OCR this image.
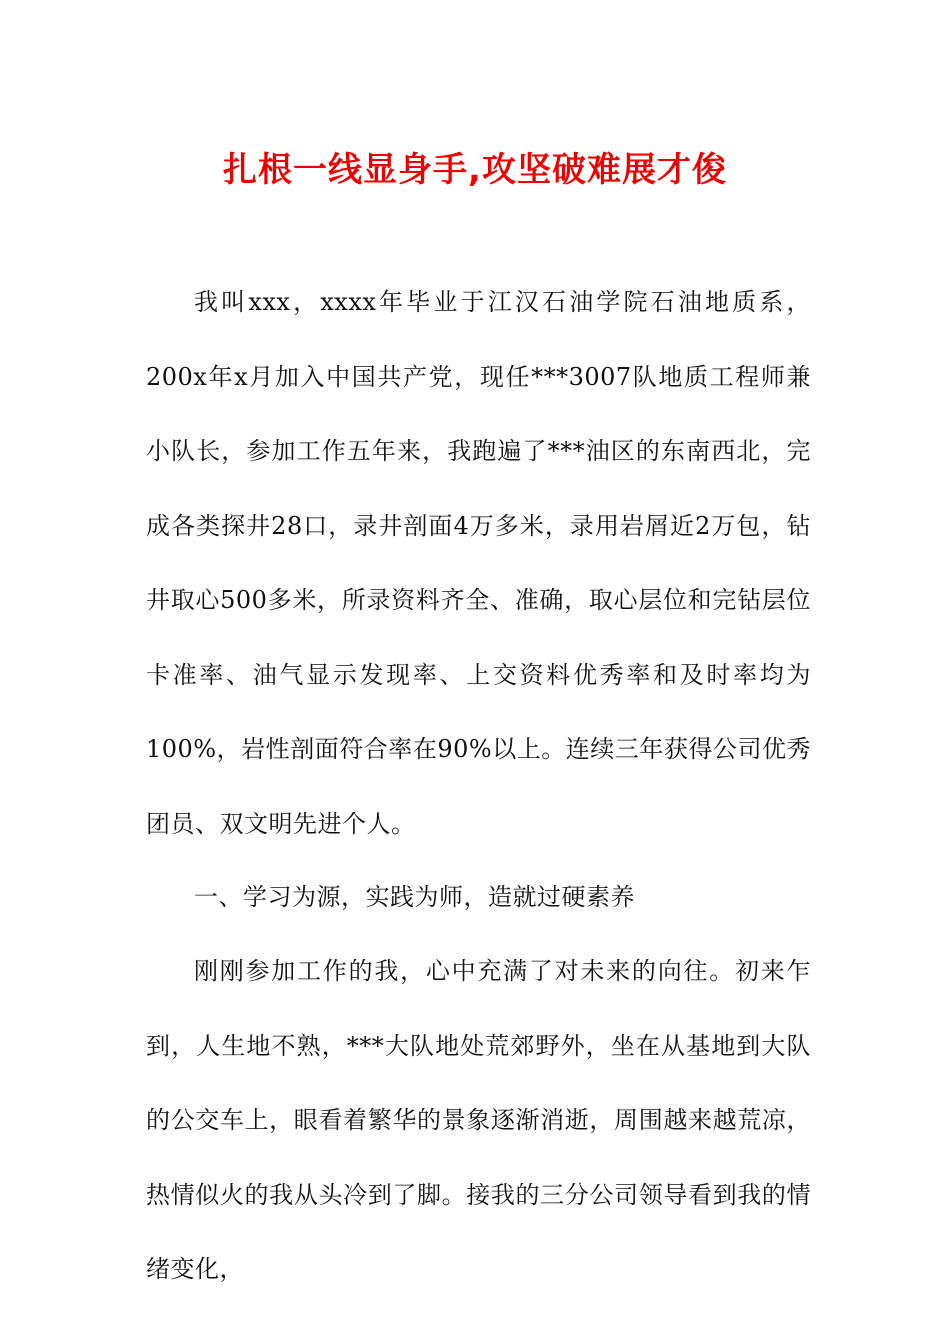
扎根一线显身手,攻坚破难展才俊

我叫xxx，xxxx年毕业于江汉石油学院石油地质系，200x年x月加入中国共产党，现任***3007队地质工程师兼小队长，参加工作五年来，我跑遍了***油区的东南西北，完成各类探井28口，录井剖面4万多米，录用岩屑近2万包，钻井取心500多米，所录资料齐全、准确，取心层位和完钻层位卡准率、油气显示发现率、上交资料优秀率和及时率均为100%，岩性剖面符合率在90%以上。连续三年获得公司优秀团员、双文明先进个人。

一、学习为源，实践为师，造就过硬素养

刚刚参加工作的我，心中充满了对未来的向往。初来乍到，人生地不熟，***大队地处荒郊野外，坐在从基地到大队的公交车上，眼看着繁华的景象逐渐消逝，周围越来越荒凉，热情似火的我从头冷到了脚。接我的三分公司领导看到我的情绪变化，
